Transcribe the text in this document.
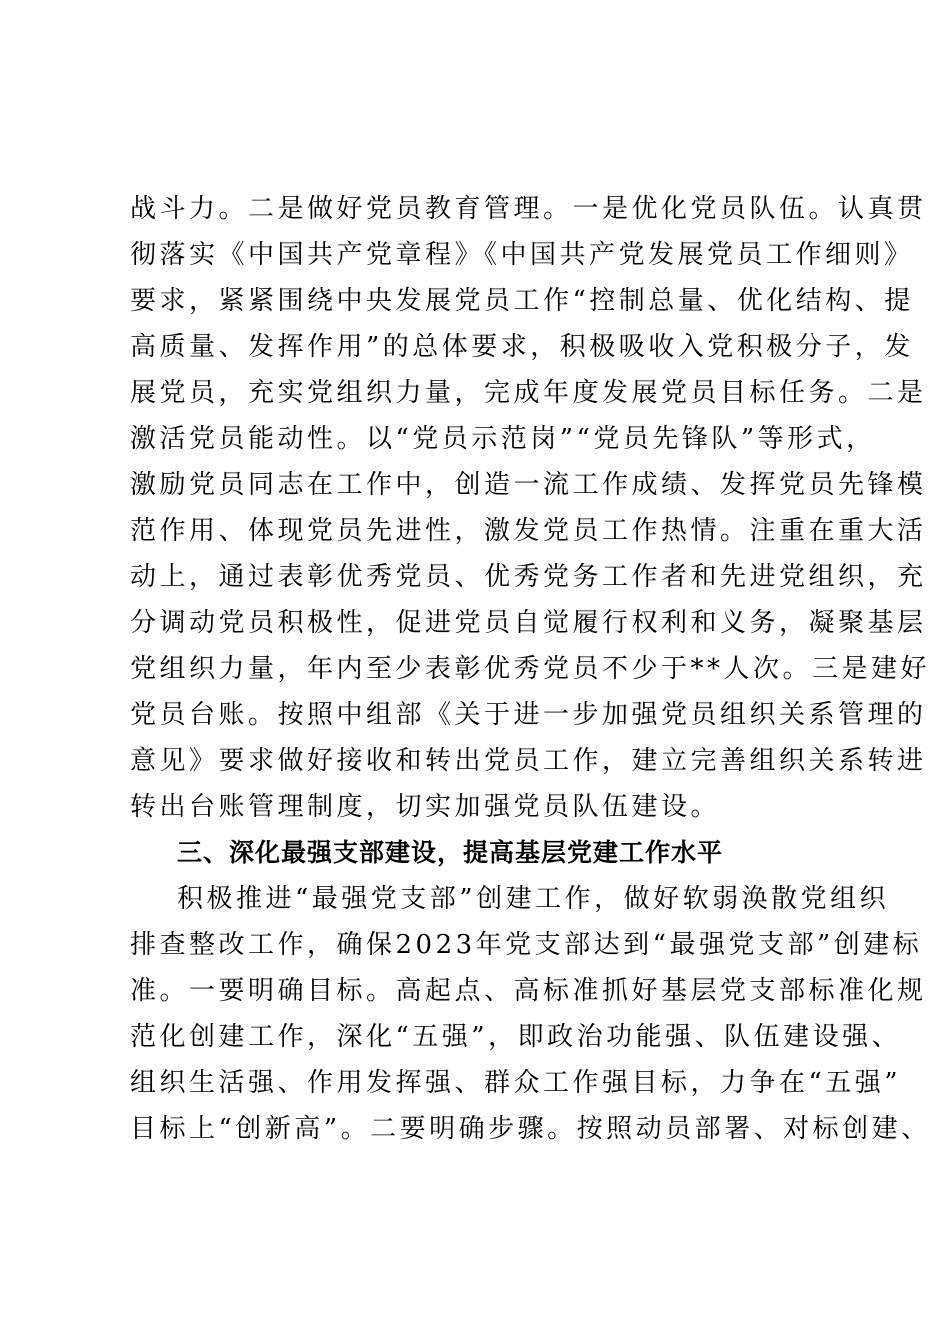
战斗力。二是做好党员教育管理。一是优化党员队伍。认真贯
彻落实《中国共产党章程》《中国共产党发展党员工作细则》
要求，紧紧围绕中央发展党员工作“控制总量、优化结构、提
高质量、发挥作用”的总体要求，积极吸收入党积极分子，发
展党员，充实党组织力量，完成年度发展党员目标任务。二是
激活党员能动性。以“党员示范岗”“党员先锋队”等形式，
激励党员同志在工作中，创造一流工作成绩、发挥党员先锋模
范作用、体现党员先进性，激发党员工作热情。注重在重大活
动上，通过表彰优秀党员、优秀党务工作者和先进党组织，充
分调动党员积极性，促进党员自觉履行权利和义务，凝聚基层
党组织力量，年内至少表彰优秀党员不少于**人次。三是建好
党员台账。按照中组部《关于进一步加强党员组织关系管理的
意见》要求做好接收和转出党员工作，建立完善组织关系转进
转出台账管理制度，切实加强党员队伍建设。
三、深化最强支部建设，提高基层党建工作水平
积极推进“最强党支部”创建工作，做好软弱涣散党组织
排查整改工作，确保2023年党支部达到“最强党支部”创建标
准。一要明确目标。高起点、高标准抓好基层党支部标准化规
范化创建工作，深化“五强”，即政治功能强、队伍建设强、
组织生活强、作用发挥强、群众工作强目标，力争在“五强”
目标上“创新高”。二要明确步骤。按照动员部署、对标创建、
